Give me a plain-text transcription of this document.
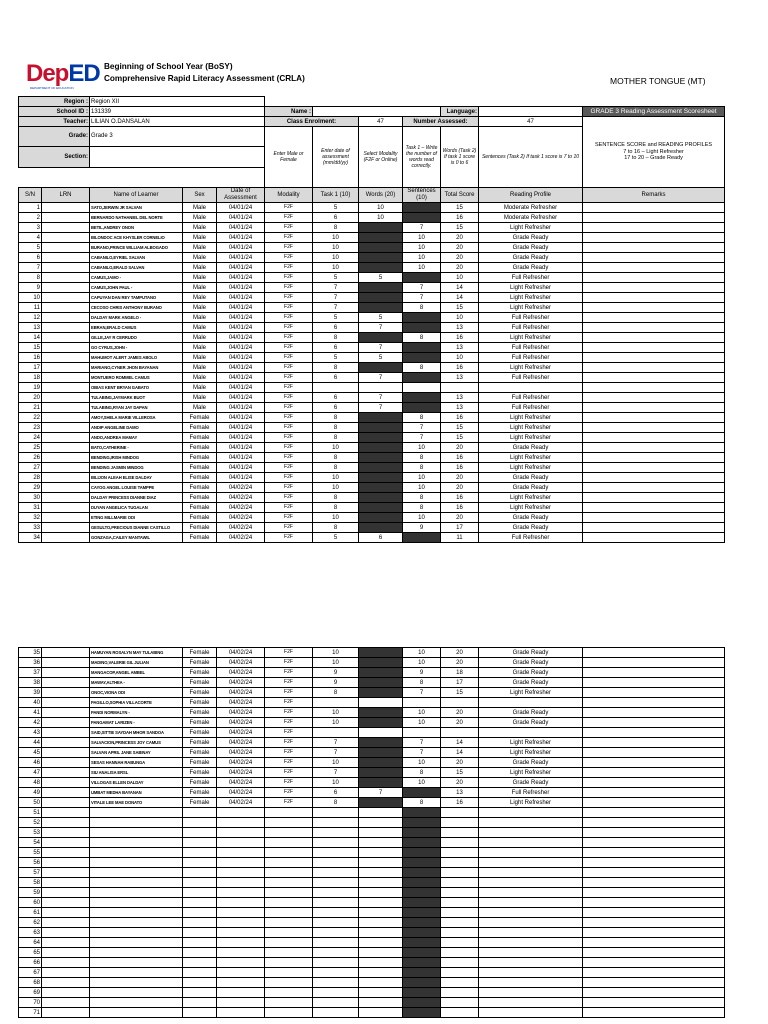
DepED
DEPARTMENT OF EDUCATION
Beginning of School Year (BoSY)
Comprehensive Rapid Literacy Assessment (CRLA)	MOTHER TONGUE (MT)
Region :		Region XII										
School ID :		131339			Name :				Language:		GRADE 3 Reading Assessment Scoresheet	
Teacher:		LILIAN O.DANSALAN			Class Enrolment:		47	Number Assessed:		47	SENTENCE SCORE and READING PROFILES
7 to 16 – Light Refresher
17 to 20 – Grade Ready	
Grade:		Grade 3			Enter Male or Female	Enter date of assessment (mm/dd/yy)	Select Modality (F2F or Online)	Task 1 – Write the number of words read correctly.	Words (Task 2) If task 1 score is 0 to 6	Sentences (Task 2) If task 1 score is 7 to 10	
Section:												

S/N	LRN	Name of Learner	Sex	Date of Assessment	Modality	Task 1 (10)	Words (20)	Sentences (10)	Total Score	Reading Profile	Remarks	
1		SATO,JERWIN JR SALVAN	Male	04/01/24	F2F	5	10		15	Moderate Refresher		
2		BERNARDO NATHANIEL DEL NORTE	Male	04/01/24	F2F	6	10		16	Moderate Refresher		
3		BETIL,ANDREY ONON	Male	04/01/24	F2F	8		7	15	Light Refresher		
4		BILONDOC ACE KHYSLER CORNELIO	Male	04/01/24	F2F	10		10	20	Grade Ready		
5		BURANO,PRINCE WILLIAM ALBOGADO	Male	04/01/24	F2F	10		10	20	Grade Ready		
6		CABANILO,EYRIEL SALVAN	Male	04/01/24	F2F	10		10	20	Grade Ready		
7		CABANILO,ERALD SALVAN	Male	04/01/24	F2F	10		10	20	Grade Ready		
8		CAMUS,JAMO -	Male	04/01/24	F2F	5	5		10	Full Refresher		
9		CAMUS,JOHN PAUL -	Male	04/01/24	F2F	7		7	14	Light Refresher		
10		CAPUYAN DAN REY TAMPUTANO	Male	04/01/24	F2F	7		7	14	Light Refresher		
11		CECOSO CHRIS ANTHONY BURANO	Male	04/01/24	F2F	7		8	15	Light Refresher		
12		DALDAY MARK ANGELO -	Male	04/01/24	F2F	5	5		10	Full Refresher		
13		EBRAN,ERALD CAMUS	Male	04/01/24	F2F	6	7		13	Full Refresher		
14		GILLE,JAY R CERRUDO	Male	04/01/24	F2F	8		8	16	Light Refresher		
15		GO CYRUS,JOHN -	Male	04/01/24	F2F	6	7		13	Full Refresher		
16		MAHUMOT ALERT JAMES ABOLO	Male	04/01/24	F2F	5	5		10	Full Refresher		
17		MARIANO,CYNER JHON BAYANAN	Male	04/01/24	F2F	8		8	16	Light Refresher		
18		MONTUERO ROMMEL CAMUS	Male	04/01/24	F2F	6	7		13	Full Refresher		
19		OBIAS KENT BRYAN GABATO	Male	04/01/24	F2F							
20		TULABING,JAYMARK BUOT	Male	04/01/24	F2F	6	7		13	Full Refresher		
21		TULABING,RYAN JAY DAPAN	Male	04/01/24	F2F	6	7		13	Full Refresher		
22		AMOY,SHELA MARIE VILLEROSA	Female	04/01/24	F2F	8		8	16	Light Refresher		
23		ANDIP ANGELINE DAMO	Female	04/01/24	F2F	8		7	15	Light Refresher		
24		ANDO,ANDREA MAMAY	Female	04/01/24	F2F	8		7	15	Light Refresher		
25		BATO,CATHERINE -	Female	04/01/24	F2F	10		10	20	Grade Ready		
26		BENDING,IRISH MINDOG	Female	04/01/24	F2F	8		8	16	Light Refresher		
27		BENDING JASMIN MINDOG	Female	04/01/24	F2F	8		8	16	Light Refresher		
28		BILIJON ALEAH ELISE DALDAY	Female	04/01/24	F2F	10		10	20	Grade Ready		
29		CAYOG ANGEL LOUISE TAMPPE	Female	04/02/24	F2F	10		10	20	Grade Ready		
30		DALDAY PRINCESS DIANNE DIAZ	Female	04/02/24	F2F	8		8	16	Light Refresher		
31		DUYAN ANGELICA TUGALAN	Female	04/02/24	F2F	8		8	16	Light Refresher		
32		ETING MILLMARIE ODI	Female	04/02/24	F2F	10		10	20	Grade Ready		
33		GESULTO,PRECIOUS DIANNE CASTILLO	Female	04/02/24	F2F	8		9	17	Grade Ready		
34		GONZAGA,CAILEY MANTAWIL	Female	04/02/24	F2F	5	6		11	Full Refresher		
35		HAMUYAN ROSALYN MAY TULABING	Female	04/02/24	F2F	10		10	20	Grade Ready	
36		MADINO,VALERIE GIL JULIAN	Female	04/02/24	F2F	10		10	20	Grade Ready	
37		MANGACOP,ANGEL AMBEL	Female	04/02/24	F2F	9		9	18	Grade Ready	
38		MAWAY,ALTHEA -	Female	04/02/24	F2F	9		8	17	Grade Ready	
39		ONOC,VIONA ODI	Female	04/02/24	F2F	8		7	15	Light Refresher	
40		PAGILLO,SOPHIA VILLACORTE	Female	04/02/24	F2F						
41		PANDI NORMALYN -	Female	04/02/24	F2F	10		10	20	Grade Ready	
42		PANGAMAT LARIZEN -	Female	04/02/24	F2F	10		10	20	Grade Ready	
43		SAID,SITTIE SAYDAH MHOR SANDOA	Female	04/02/24	F2F						
44		SALVACION,PRINCESS JOY CAMUS	Female	04/02/24	F2F	7		7	14	Light Refresher	
45		SALVAN APRIL JANE SABINAY	Female	04/02/24	F2F	7		7	14	Light Refresher	
46		SESAS HANNAH RABUNGA	Female	04/02/24	F2F	10		10	20	Grade Ready	
47		SIU ANALISA ERSL	Female	04/02/24	F2F	7		8	15	Light Refresher	
48		VILLOGAS ELLEN DALDAY	Female	04/02/24	F2F	10		10	20	Grade Ready	
49		UMBAT MEDHA BAYANAN	Female	04/02/24	F2F	6	7		13	Full Refresher	
50		VITALE LEE MAE DONATO	Female	04/02/24	F2F	8		8	16	Light Refresher	
51											
52											
53											
54											
55											
56											
57											
58											
59											
60											
61											
62											
63											
64											
65											
66											
67											
68											
69											
70											
71											
